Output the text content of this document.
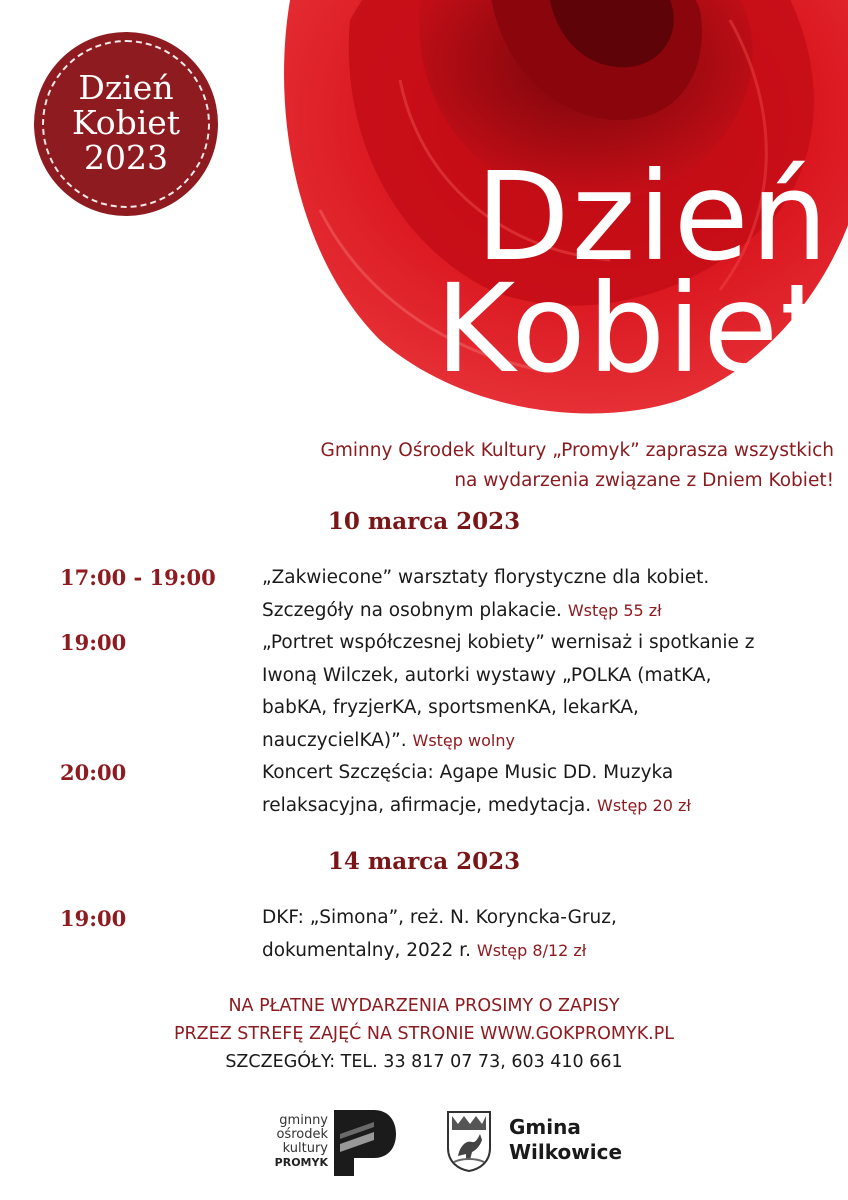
Dzień
Kobiet
2023	Dzień
Kobiet
Gminny Ośrodek Kultury „Promyk” zaprasza wszystkich
na wydarzenia związane z Dniem Kobiet!
10 marca 2023
17:00 - 19:00	„Zakwiecone” warsztaty florystyczne dla kobiet.
Szczegóły na osobnym plakacie. Wstęp 55 zł
19:00	„Portret współczesnej kobiety” wernisaż i spotkanie z
Iwoną Wilczek, autorki wystawy „POLKA (matKA,
babKA, fryzjerKA, sportsmenKA, lekarKA,
nauczycielKA)”. Wstęp wolny
20:00	Koncert Szczęścia: Agape Music DD. Muzyka
relaksacyjna, afirmacje, medytacja. Wstęp 20 zł
14 marca 2023
19:00	DKF: „Simona”, reż. N. Koryncka-Gruz,
dokumentalny, 2022 r. Wstęp 8/12 zł
NA PŁATNE WYDARZENIA PROSIMY O ZAPISY
PRZEZ STREFĘ ZAJĘĆ NA STRONIE WWW.GOKPROMYK.PL
SZCZEGÓŁY: TEL. 33 817 07 73, 603 410 661
gminny
ośrodek
kultury
PROMYK
Gmina
Wilkowice
